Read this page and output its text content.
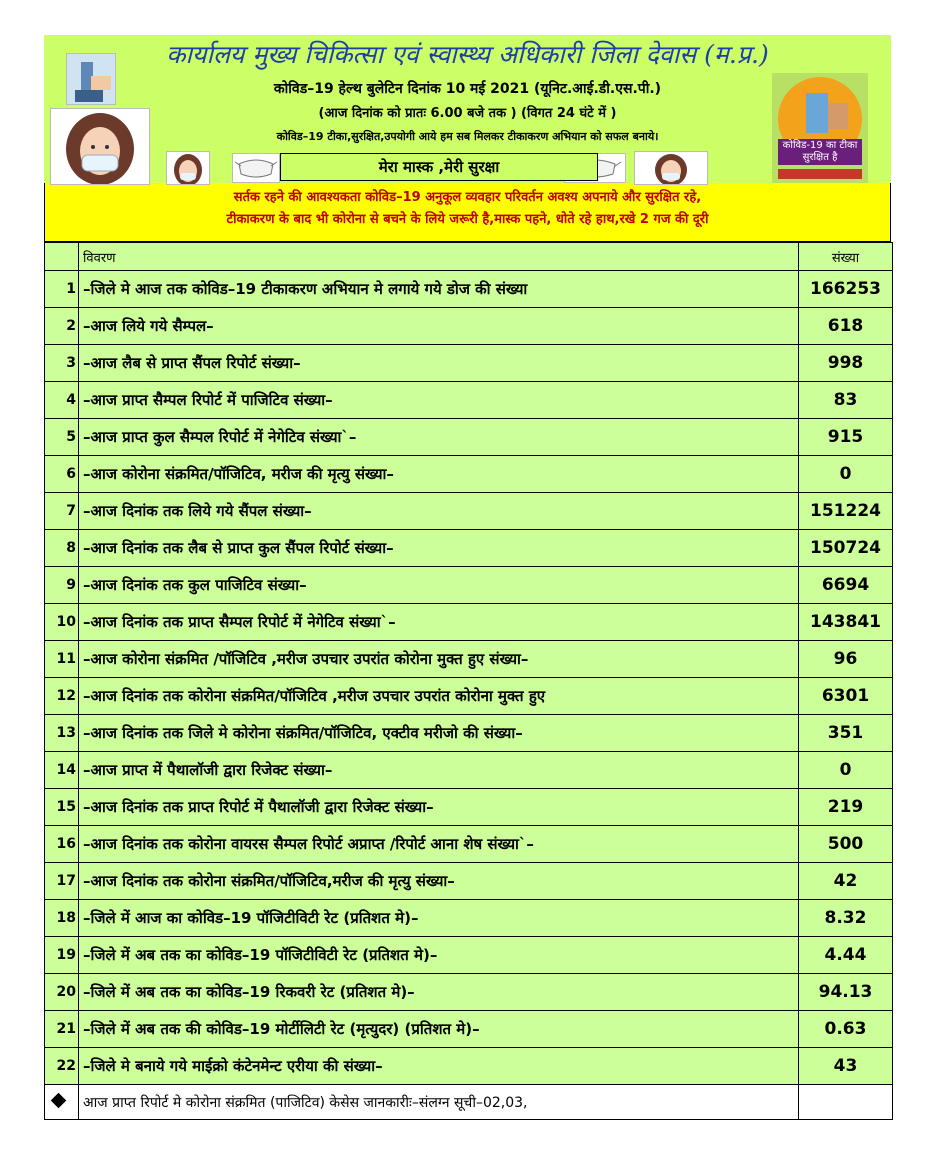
कोविड-19 का टीका सुरक्षित है
कार्यालय मुख्य चिकित्सा एवं स्वास्थ्य अधिकारी जिला देवास (म.प्र.)
कोविड–19 हेल्थ बुलेटिन दिनांक 10 मई 2021 (यूनिट.आई.डी.एस.पी.)
(आज दिनांक को प्रातः 6.00 बजे तक ) (विगत 24 घंटे में )
कोविड–19 टीका,सुरक्षित,उपयोगी आये हम सब मिलकर टीकाकरण अभियान को सफल बनाये।
मेरा मास्क ,मेरी सुरक्षा
सर्तक रहने की आवश्यकता कोविड–19 अनुकूल व्यवहार परिवर्तन अवश्य अपनाये और सुरक्षित रहे,
टीकाकरण के बाद भी कोरोना से बचने के लिये जरूरी है,मास्क पहने, धोते रहे हाथ,रखे 2 गज की दूरी
	विवरण	संख्या
1	–जिले मे आज तक कोविड–19 टीकाकरण अभियान मे लगाये गये डोज की संख्या	166253
2	–आज लिये गये सैम्पल–	618
3	–आज लैब से प्राप्त सैंपल रिपोर्ट संख्या–	998
4	–आज प्राप्त सैम्पल रिपोर्ट में पाजिटिव संख्या–	83
5	–आज प्राप्त कुल सैम्पल रिपोर्ट में नेगेटिव संख्या`–	915
6	–आज कोरोना संक्रमित/पॉजिटिव, मरीज की मृत्यु संख्या–	0
7	–आज दिनांक तक लिये गये सैंपल संख्या–	151224
8	–आज दिनांक तक लैब से प्राप्त कुल सैंपल रिपोर्ट संख्या–	150724
9	–आज दिनांक तक कुल पाजिटिव संख्या–	6694
10	–आज दिनांक तक प्राप्त सैम्पल रिपोर्ट में नेगेटिव संख्या`–	143841
11	–आज कोरोना संक्रमित /पॉजिटिव ,मरीज उपचार उपरांत कोरोना मुक्त हुए संख्या–	96
12	–आज दिनांक तक कोरोना संक्रमित/पॉजिटिव ,मरीज उपचार उपरांत कोरोना मुक्त हुए	6301
13	–आज दिनांक तक जिले मे कोरोना संक्रमित/पॉजिटिव, एक्टीव मरीजो की संख्या–	351
14	–आज प्राप्त में पैथालॉजी द्वारा रिजेक्ट संख्या–	0
15	–आज दिनांक तक प्राप्त रिपोर्ट में पैथालॉजी द्वारा रिजेक्ट संख्या–	219
16	–आज दिनांक तक कोरोना वायरस सैम्पल रिपोर्ट अप्राप्त /रिपोर्ट आना शेष संख्या`–	500
17	–आज दिनांक तक कोरोना संक्रमित/पॉजिटिव,मरीज की मृत्यु संख्या–	42
18	–जिले में आज का कोविड–19 पॉजिटीविटी रेट (प्रतिशत मे)–	8.32
19	–जिले में अब तक का कोविड–19 पॉजिटीविटी रेट (प्रतिशत मे)–	4.44
20	–जिले में अब तक का कोविड–19 रिकवरी रेट (प्रतिशत मे)–	94.13
21	–जिले में अब तक की कोविड–19 मोर्टीलिटी रेट (मृत्युदर) (प्रतिशत मे)–	0.63
22	–जिले मे बनाये गये माईक्रो कंटेनमेन्ट एरीया की संख्या–	43
	आज प्राप्त रिपोर्ट मे कोरोना संक्रमित (पाजिटिव) केसेस जानकारीः–संलग्न सूची–02,03,	
